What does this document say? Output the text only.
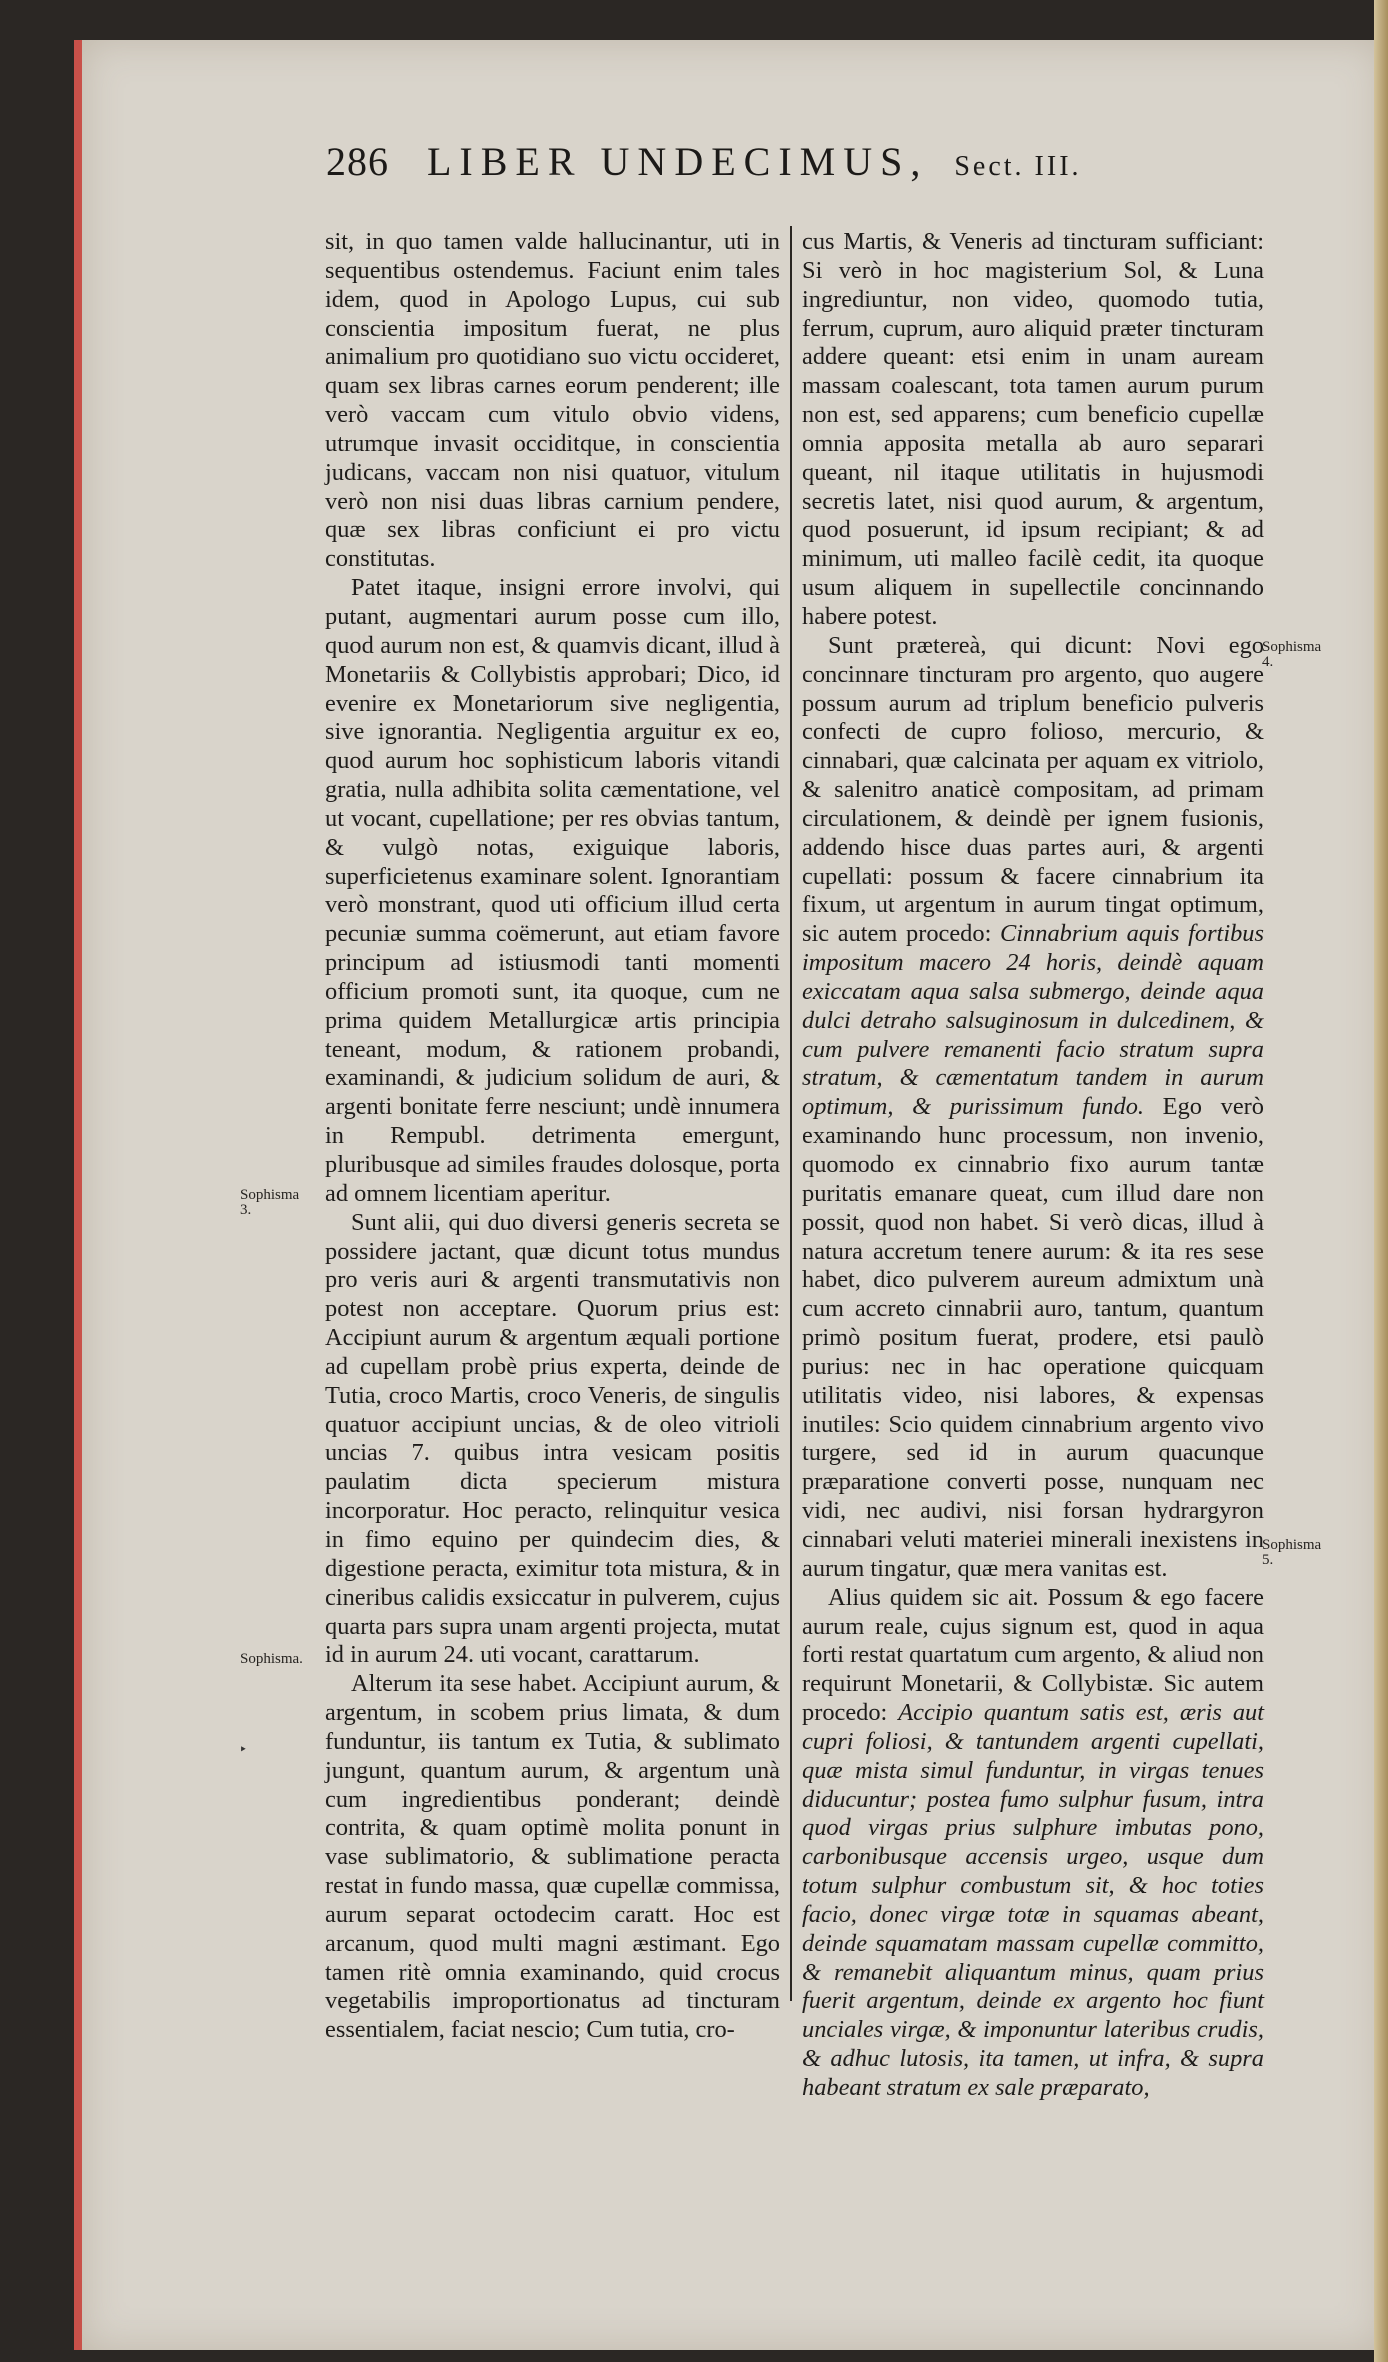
286 LIBER UNDECIMUS, Sect. III.

sit, in quo tamen valde hallucinantur, uti in sequentibus ostendemus. Faciunt enim tales idem, quod in Apologo Lupus, cui sub conscientia impositum fuerat, ne plus animalium pro quotidiano suo victu occideret, quam sex libras carnes eorum penderent; ille verò vaccam cum vitulo obvio videns, utrumque invasit occiditque, in conscientia judicans, vaccam non nisi quatuor, vitulum verò non nisi duas libras carnium pendere, quæ sex libras conficiunt ei pro victu constitutas.

Patet itaque, insigni errore involvi, qui putant, augmentari aurum posse cum illo, quod aurum non est, & quamvis dicant, illud à Monetariis & Collybistis approbari; Dico, id evenire ex Monetariorum sive negligentia, sive ignorantia. Negligentia arguitur ex eo, quod aurum hoc sophisticum laboris vitandi gratia, nulla adhibita solita cæmentatione, vel ut vocant, cupellatione; per res obvias tantum, & vulgò notas, exiguique laboris, superficietenus examinare solent. Ignorantiam verò monstrant, quod uti officium illud certa pecuniæ summa coëmerunt, aut etiam favore principum ad istiusmodi tanti momenti officium promoti sunt, ita quoque, cum ne prima quidem Metallurgicæ artis principia teneant, modum, & rationem probandi, examinandi, & judicium solidum de auri, & argenti bonitate ferre nesciunt; undè innumera in Rempubl. detrimenta emergunt, pluribusque ad similes fraudes dolosque, porta ad omnem licentiam aperitur.

Sunt alii, qui duo diversi generis secreta se possidere jactant, quæ dicunt totus mundus pro veris auri & argenti transmutativis non potest non acceptare. Quorum prius est: Accipiunt aurum & argentum æquali portione ad cupellam probè prius experta, deinde de Tutia, croco Martis, croco Veneris, de singulis quatuor accipiunt uncias, & de oleo vitrioli uncias 7. quibus intra vesicam positis paulatim dicta specierum mistura incorporatur. Hoc peracto, relinquitur vesica in fimo equino per quindecim dies, & digestione peracta, eximitur tota mistura, & in cineribus calidis exsiccatur in pulverem, cujus quarta pars supra unam argenti projecta, mutat id in aurum 24. uti vocant, carattarum.

Alterum ita sese habet. Accipiunt aurum, & argentum, in scobem prius limata, & dum funduntur, iis tantum ex Tutia, & sublimato jungunt, quantum aurum, & argentum unà cum ingredientibus ponderant; deindè contrita, & quam optimè molita ponunt in vase sublimatorio, & sublimatione peracta restat in fundo massa, quæ cupellæ commissa, aurum separat octodecim caratt. Hoc est arcanum, quod multi magni æstimant. Ego tamen ritè omnia examinando, quid crocus vegetabilis improportionatus ad tincturam essentialem, faciat nescio; Cum tutia, cro-

cus Martis, & Veneris ad tincturam sufficiant: Si verò in hoc magisterium Sol, & Luna ingrediuntur, non video, quomodo tutia, ferrum, cuprum, auro aliquid præter tincturam addere queant: etsi enim in unam auream massam coalescant, tota tamen aurum purum non est, sed apparens; cum beneficio cupellæ omnia apposita metalla ab auro separari queant, nil itaque utilitatis in hujusmodi secretis latet, nisi quod aurum, & argentum, quod posuerunt, id ipsum recipiant; & ad minimum, uti malleo facilè cedit, ita quoque usum aliquem in supellectile concinnando habere potest.

Sunt prætereà, qui dicunt: Novi ego concinnare tincturam pro argento, quo augere possum aurum ad triplum beneficio pulveris confecti de cupro folioso, mercurio, & cinnabari, quæ calcinata per aquam ex vitriolo, & salenitro anaticè compositam, ad primam circulationem, & deindè per ignem fusionis, addendo hisce duas partes auri, & argenti cupellati: possum & facere cinnabrium ita fixum, ut argentum in aurum tingat optimum, sic autem procedo: Cinnabrium aquis fortibus impositum macero 24 horis, deindè aquam exiccatam aqua salsa submergo, deinde aqua dulci detraho salsuginosum in dulcedinem, & cum pulvere remanenti facio stratum supra stratum, & cæmentatum tandem in aurum optimum, & purissimum fundo. Ego verò examinando hunc processum, non invenio, quomodo ex cinnabrio fixo aurum tantæ puritatis emanare queat, cum illud dare non possit, quod non habet. Si verò dicas, illud à natura accretum tenere aurum: & ita res sese habet, dico pulverem aureum admixtum unà cum accreto cinnabrii auro, tantum, quantum primò positum fuerat, prodere, etsi paulò purius: nec in hac operatione quicquam utilitatis video, nisi labores, & expensas inutiles: Scio quidem cinnabrium argento vivo turgere, sed id in aurum quacunque præparatione converti posse, nunquam nec vidi, nec audivi, nisi forsan hydrargyron cinnabari veluti materiei minerali inexistens in aurum tingatur, quæ mera vanitas est.

Alius quidem sic ait. Possum & ego facere aurum reale, cujus signum est, quod in aqua forti restat quartatum cum argento, & aliud non requirunt Monetarii, & Collybistæ. Sic autem procedo: Accipio quantum satis est, æris aut cupri foliosi, & tantundem argenti cupellati, quæ mista simul funduntur, in virgas tenues diducuntur; postea fumo sulphur fusum, intra quod virgas prius sulphure imbutas pono, carbonibusque accensis urgeo, usque dum totum sulphur combustum sit, & hoc toties facio, donec virgæ totæ in squamas abeant, deinde squamatam massam cupellæ committo, & remanebit aliquantum minus, quam prius fuerit argentum, deinde ex argento hoc fiunt unciales virgæ, & imponuntur lateribus crudis, & adhuc lutosis, ita tamen, ut infra, & supra habeant stratum ex sale præparato,

Sophisma 3.
Sophisma.
Sophisma 4.
Sophisma 5.
‣
